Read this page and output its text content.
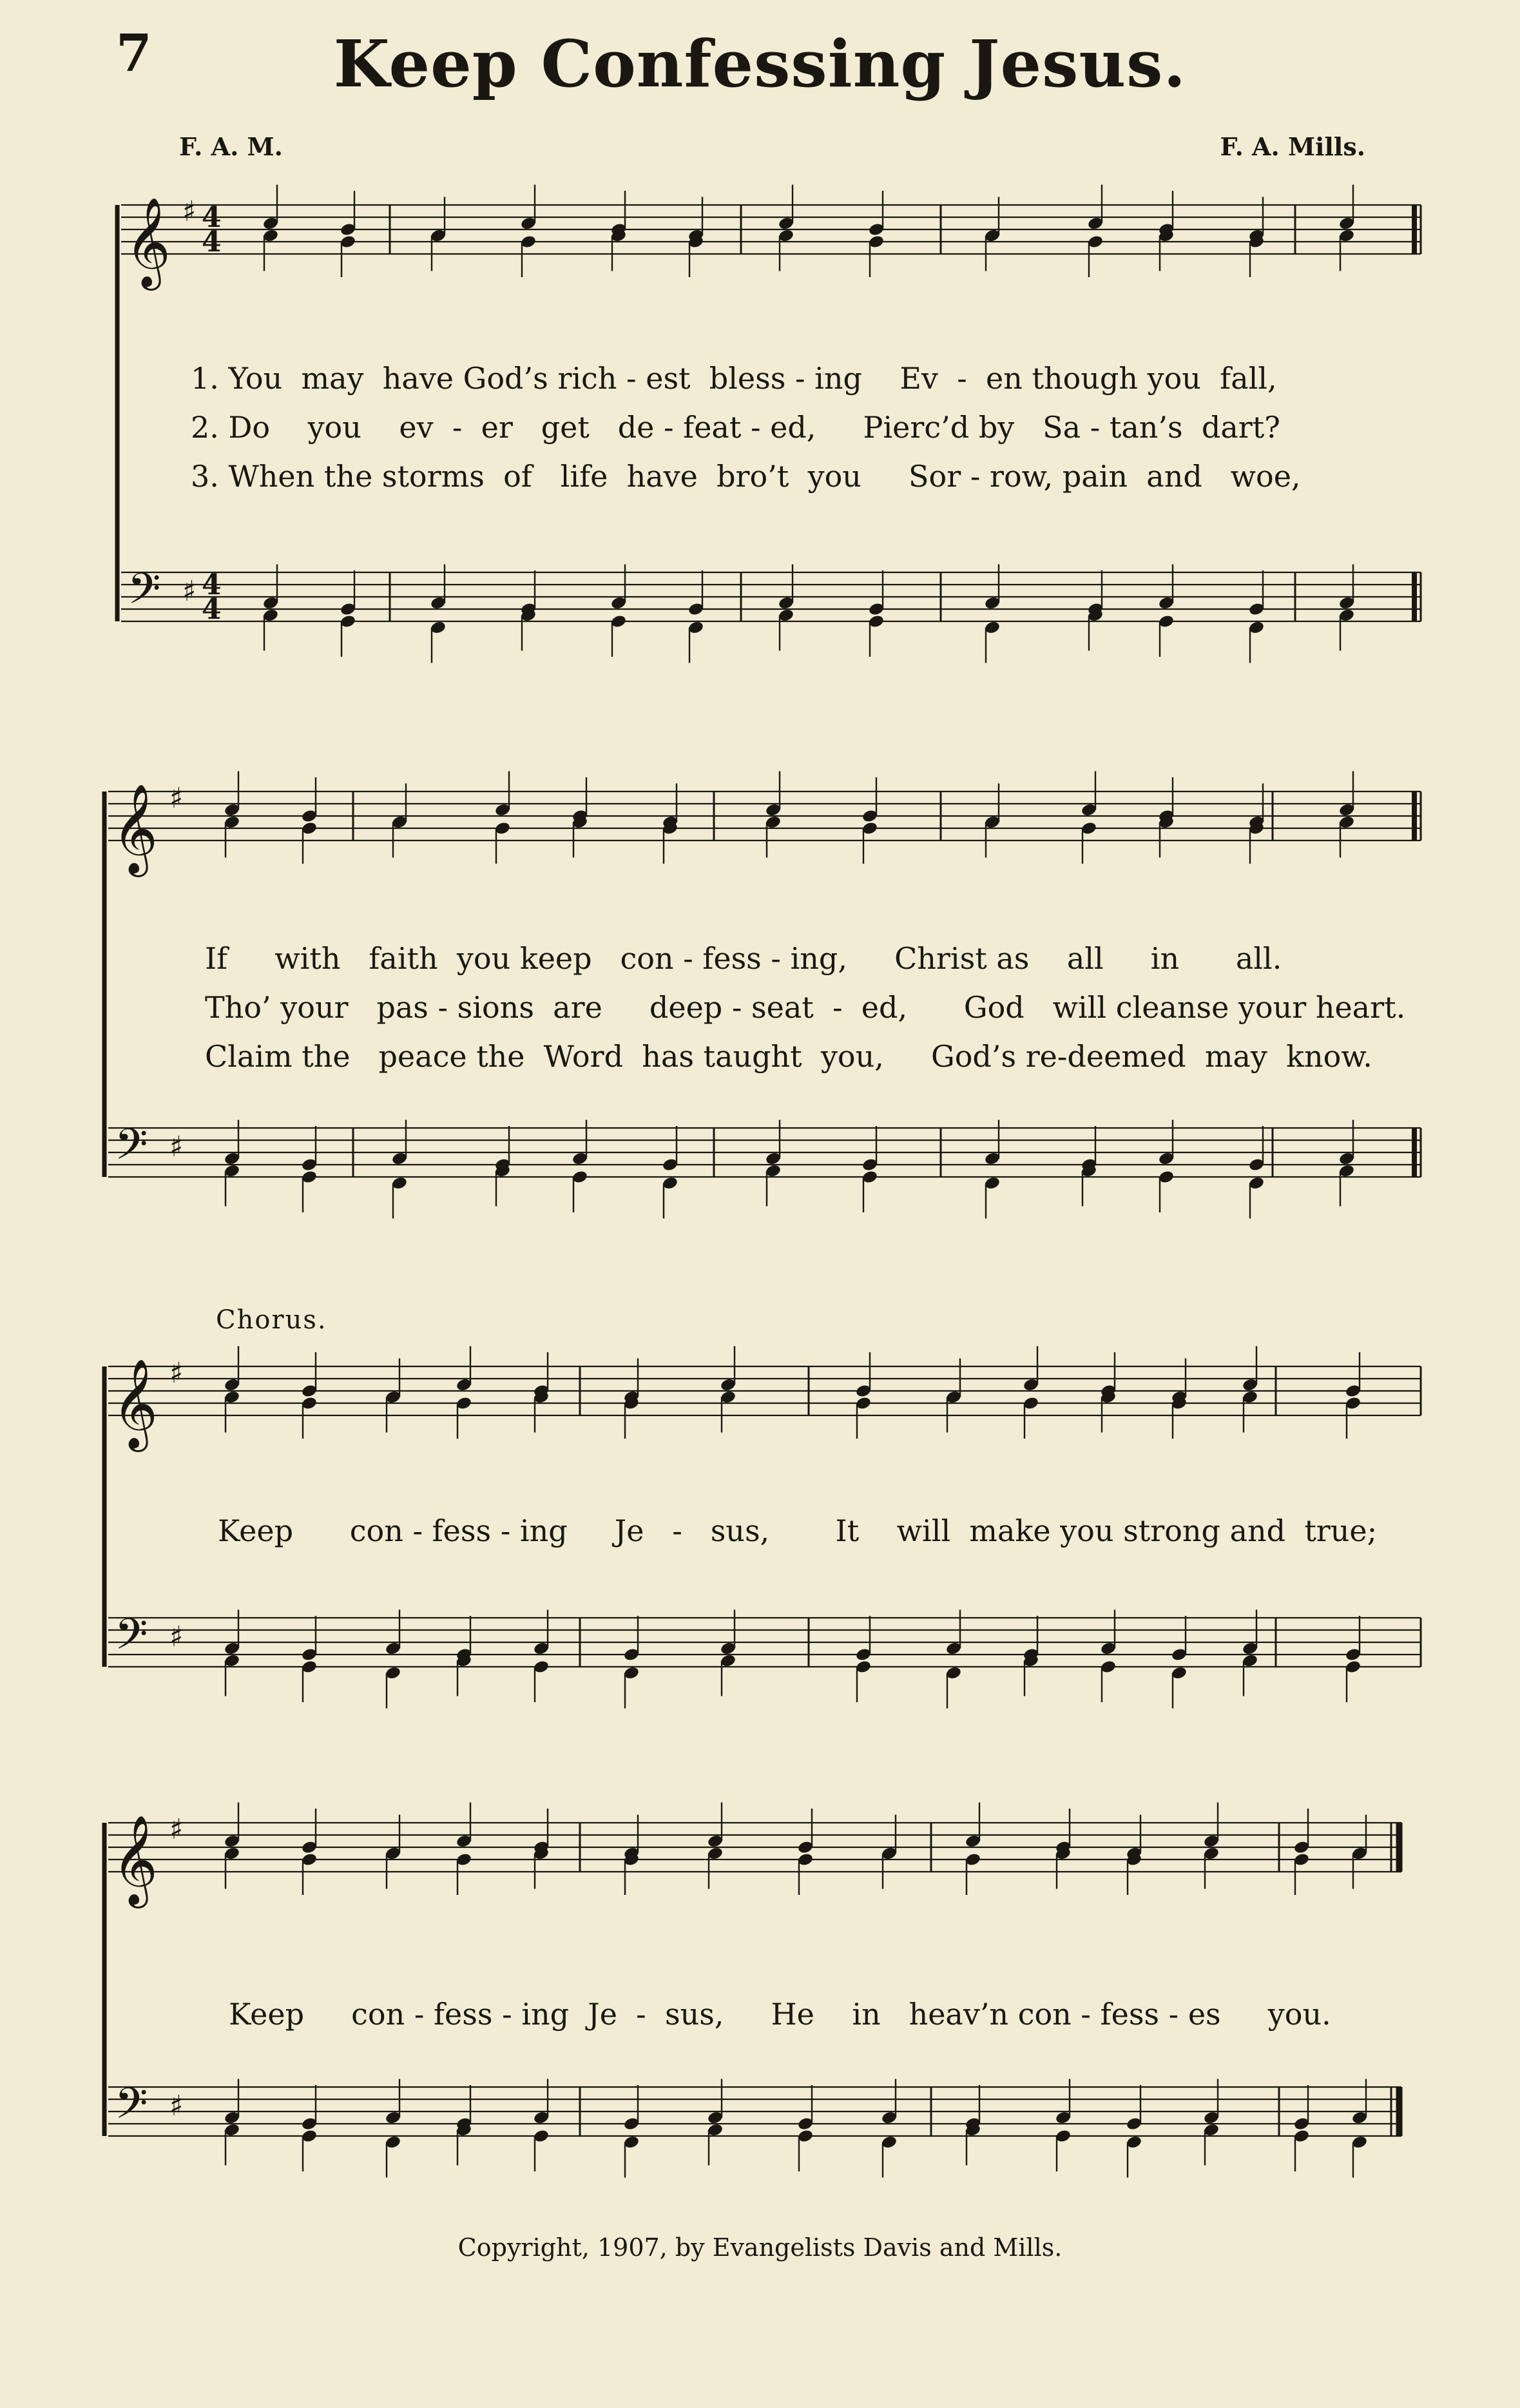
7	Keep Confessing Jesus.
F. A. M.	F. A. Mills.
𝄞
𝄢
♯
♯
4
4
4
4
𝄞
𝄢
♯
♯
𝄞
𝄢
♯
♯
𝄞
𝄢
♯
♯
1. You  may  have God’s rich - est  bless - ing    Ev  -  en though you  fall,
2. Do    you    ev  -  er   get   de - feat - ed,     Pierc’d by   Sa - tan’s  dart?
3. When the storms  of   life  have  bro’t  you     Sor - row, pain  and   woe,
If     with   faith  you keep   con - fess - ing,     Christ as    all     in      all.
Tho’ your   pas - sions  are     deep - seat  -  ed,      God   will cleanse your heart.
Claim the   peace the  Word  has taught  you,     God’s re-deemed  may  know.
Chorus.
Keep      con - fess - ing     Je   -   sus,       It    will  make you strong and  true;
Keep     con - fess - ing  Je  -  sus,     He    in   heav’n con - fess - es     you.
Copyright, 1907, by Evangelists Davis and Mills.
